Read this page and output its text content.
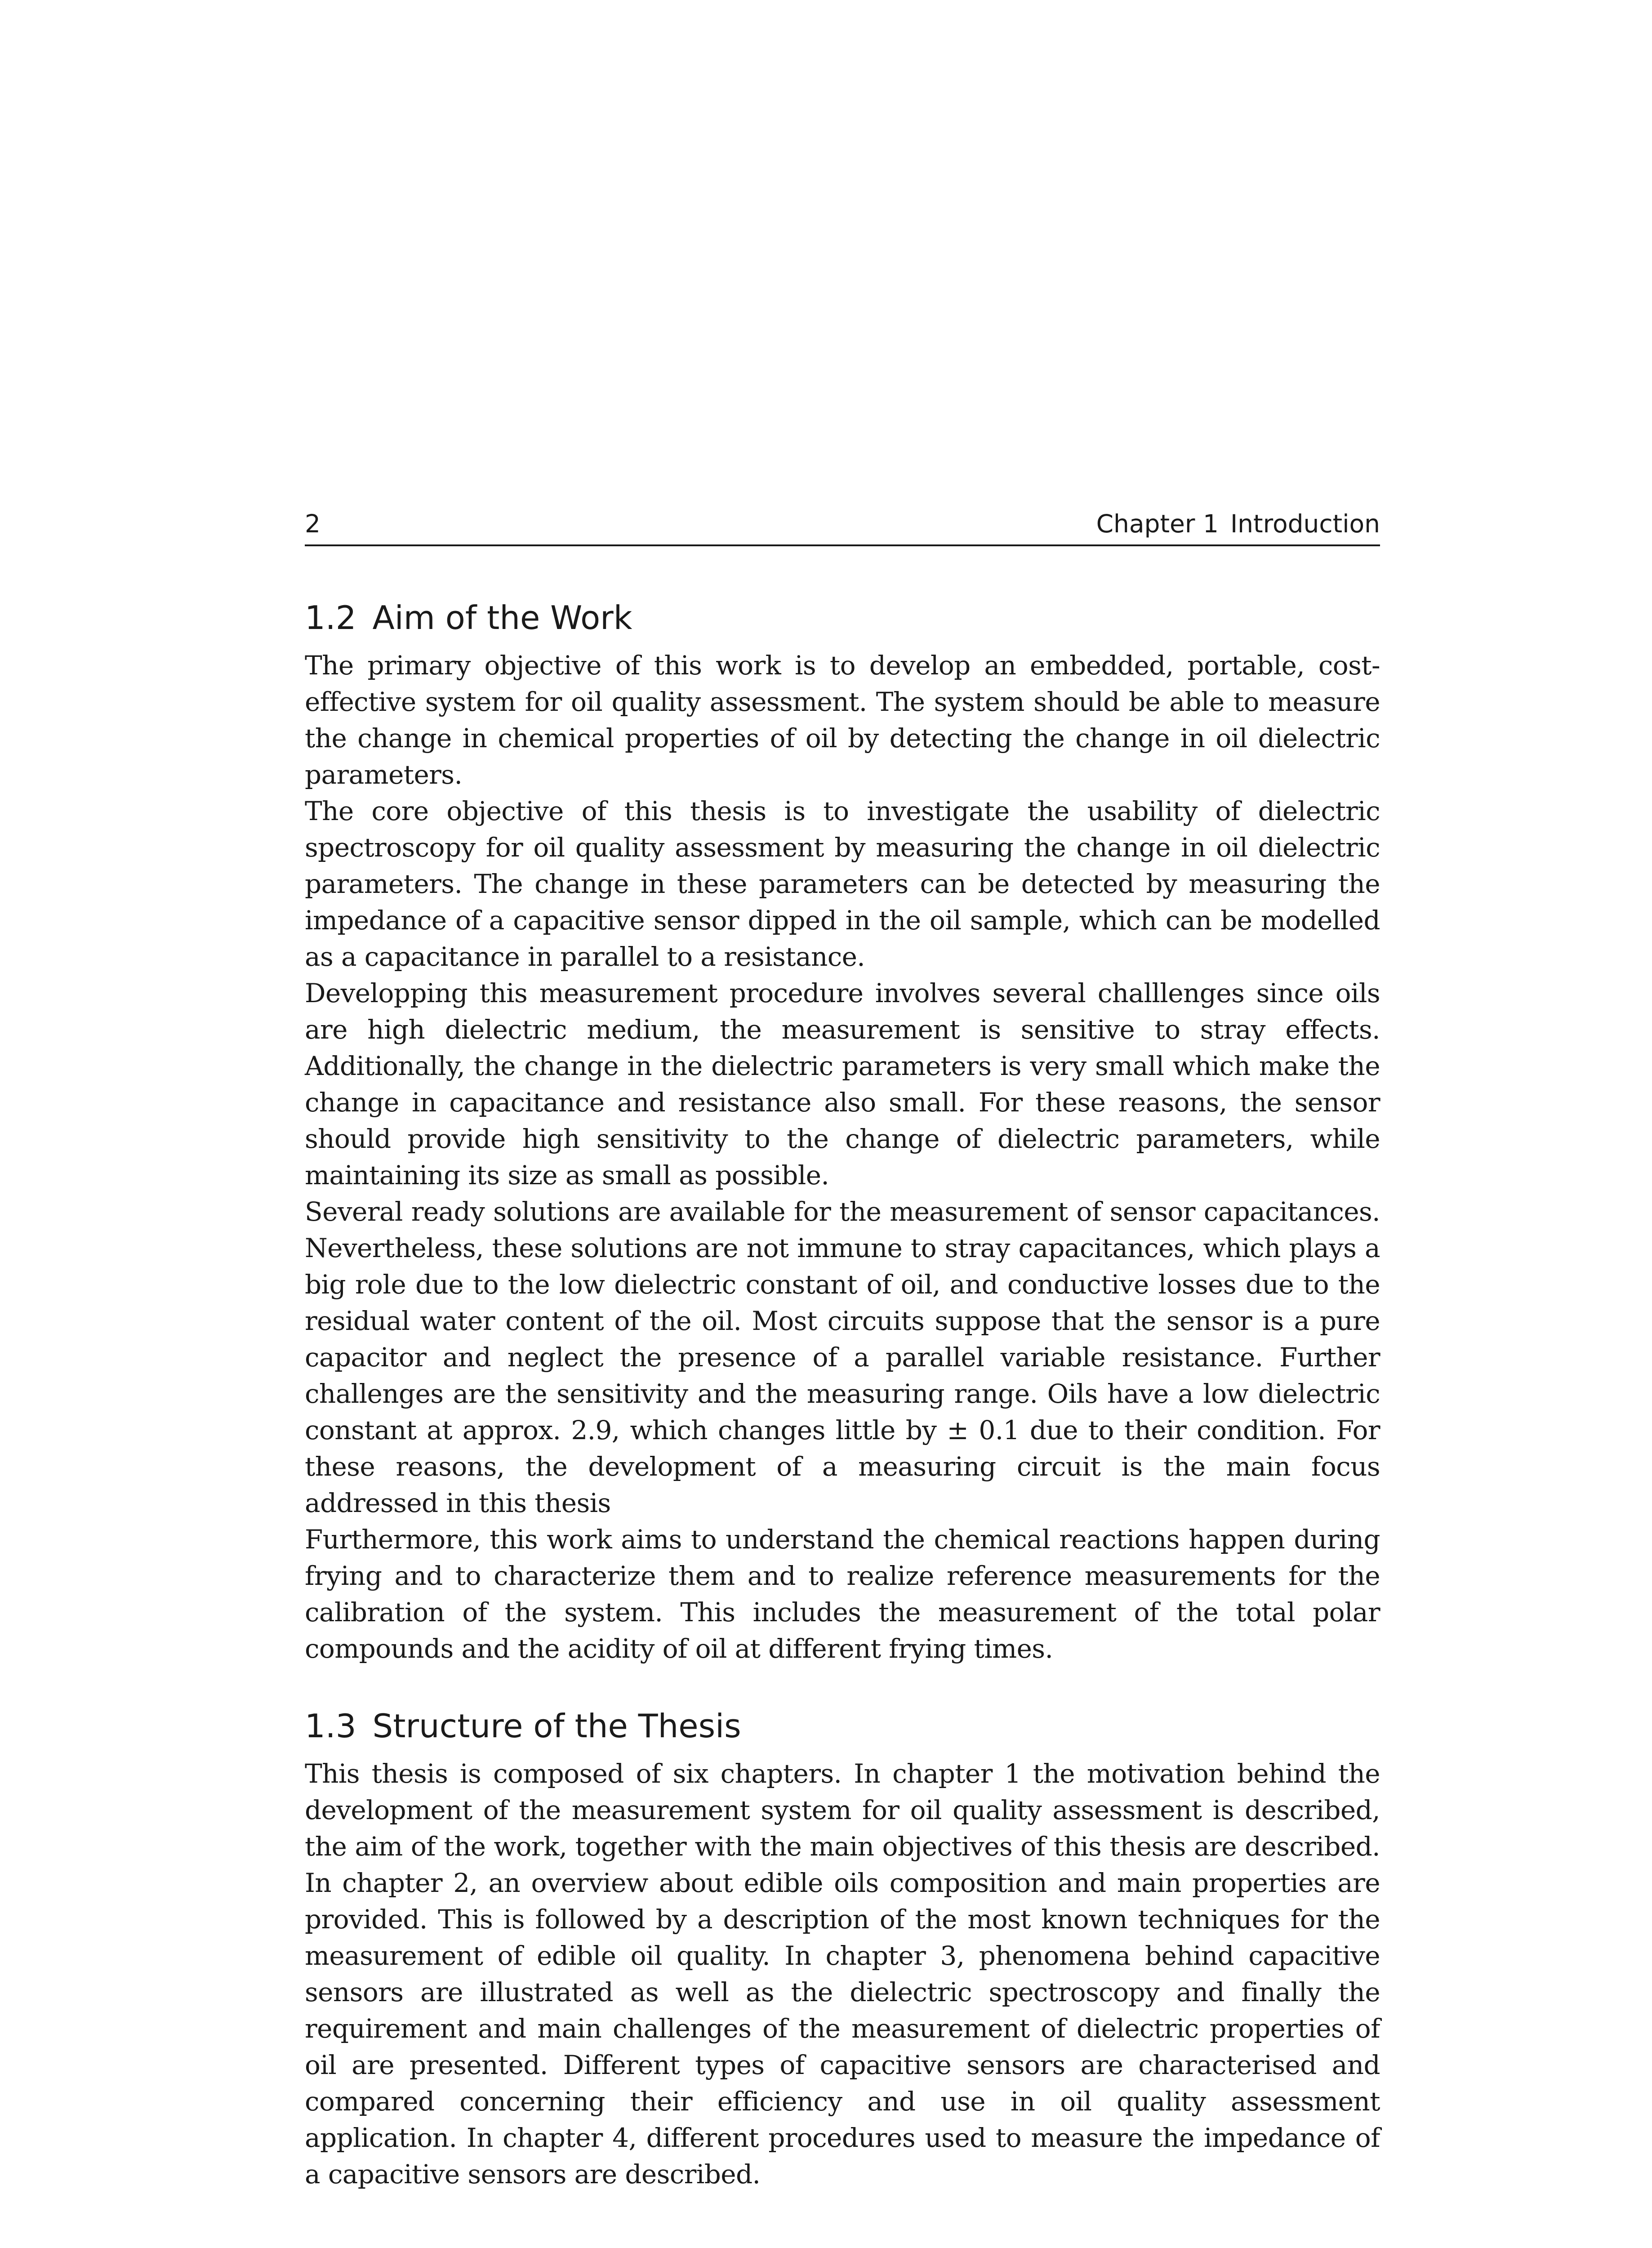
2	Chapter 1 Introduction
1.2 Aim of the Work

The primary objective of this work is to develop an embedded, portable, cost-effective system for oil quality assessment. The system should be able to measure the change in chemical properties of oil by detecting the change in oil dielectric parameters.

The core objective of this thesis is to investigate the usability of dielectric spectroscopy for oil quality assessment by measuring the change in oil dielectric parameters. The change in these parameters can be detected by measuring the impedance of a capacitive sensor dipped in the oil sample, which can be modelled as a capacitance in parallel to a resistance.

Developping this measurement procedure involves several challlenges since oils are high dielectric medium, the measurement is sensitive to stray effects. Additionally, the change in the dielectric parameters is very small which make the change in capacitance and resistance also small. For these reasons, the sensor should provide high sensitivity to the change of dielectric parameters, while maintaining its size as small as possible.

Several ready solutions are available for the measurement of sensor capacitances. Nevertheless, these solutions are not immune to stray capacitances, which plays a big role due to the low dielectric constant of oil, and conductive losses due to the residual water content of the oil. Most circuits suppose that the sensor is a pure capacitor and neglect the presence of a parallel variable resistance. Further challenges are the sensitivity and the measuring range. Oils have a low dielectric constant at approx. 2.9, which changes little by ± 0.1 due to their condition. For these reasons, the development of a measuring circuit is the main focus addressed in this thesis

Furthermore, this work aims to understand the chemical reactions happen during frying and to characterize them and to realize reference measurements for the calibration of the system. This includes the measurement of the total polar compounds and the acidity of oil at different frying times.

1.3 Structure of the Thesis

This thesis is composed of six chapters. In chapter 1 the motivation behind the development of the measurement system for oil quality assessment is described, the aim of the work, together with the main objectives of this thesis are described. In chapter 2, an overview about edible oils composition and main properties are provided. This is followed by a description of the most known techniques for the measurement of edible oil quality. In chapter 3, phenomena behind capacitive sensors are illustrated as well as the dielectric spectroscopy and finally the requirement and main challenges of the measurement of dielectric properties of oil are presented. Different types of capacitive sensors are characterised and compared concerning their efficiency and use in oil quality assessment application. In chapter 4, different procedures used to measure the impedance of a capacitive sensors are described.
